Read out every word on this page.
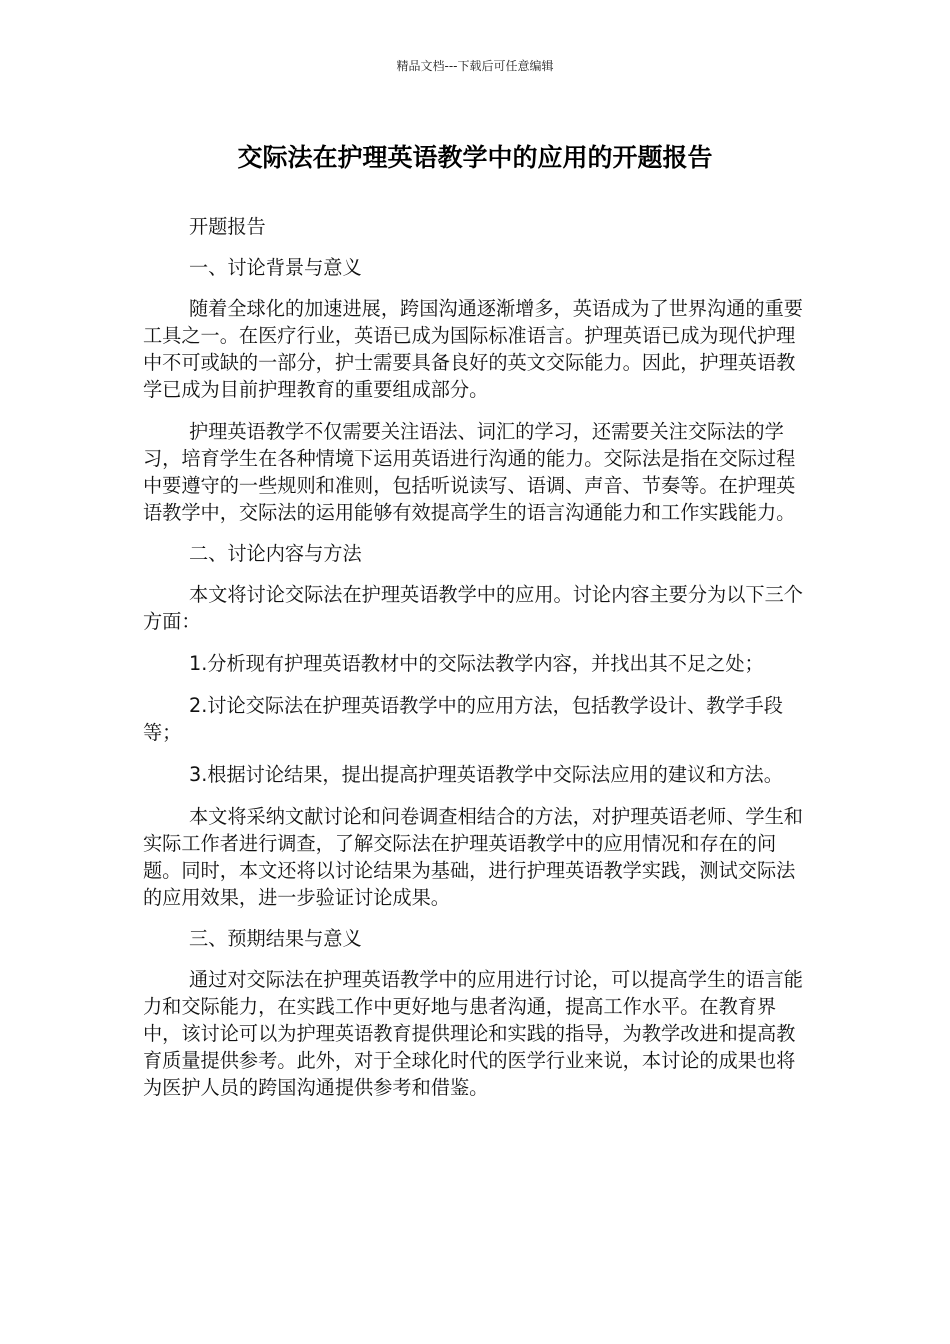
精品文档---下载后可任意编辑
交际法在护理英语教学中的应用的开题报告

开题报告

一、讨论背景与意义

随着全球化的加速进展，跨国沟通逐渐增多，英语成为了世界沟通的重要工具之一。在医疗行业，英语已成为国际标准语言。护理英语已成为现代护理中不可或缺的一部分，护士需要具备良好的英文交际能力。因此，护理英语教学已成为目前护理教育的重要组成部分。

护理英语教学不仅需要关注语法、词汇的学习，还需要关注交际法的学习，培育学生在各种情境下运用英语进行沟通的能力。交际法是指在交际过程中要遵守的一些规则和准则，包括听说读写、语调、声音、节奏等。在护理英语教学中，交际法的运用能够有效提高学生的语言沟通能力和工作实践能力。

二、讨论内容与方法

本文将讨论交际法在护理英语教学中的应用。讨论内容主要分为以下三个方面：

1.分析现有护理英语教材中的交际法教学内容，并找出其不足之处；

2.讨论交际法在护理英语教学中的应用方法，包括教学设计、教学手段等；

3.根据讨论结果，提出提高护理英语教学中交际法应用的建议和方法。

本文将采纳文献讨论和问卷调查相结合的方法，对护理英语老师、学生和实际工作者进行调查，了解交际法在护理英语教学中的应用情况和存在的问题。同时，本文还将以讨论结果为基础，进行护理英语教学实践，测试交际法的应用效果，进一步验证讨论成果。

三、预期结果与意义

通过对交际法在护理英语教学中的应用进行讨论，可以提高学生的语言能力和交际能力，在实践工作中更好地与患者沟通，提高工作水平。在教育界中，该讨论可以为护理英语教育提供理论和实践的指导，为教学改进和提高教育质量提供参考。此外，对于全球化时代的医学行业来说，本讨论的成果也将为医护人员的跨国沟通提供参考和借鉴。
